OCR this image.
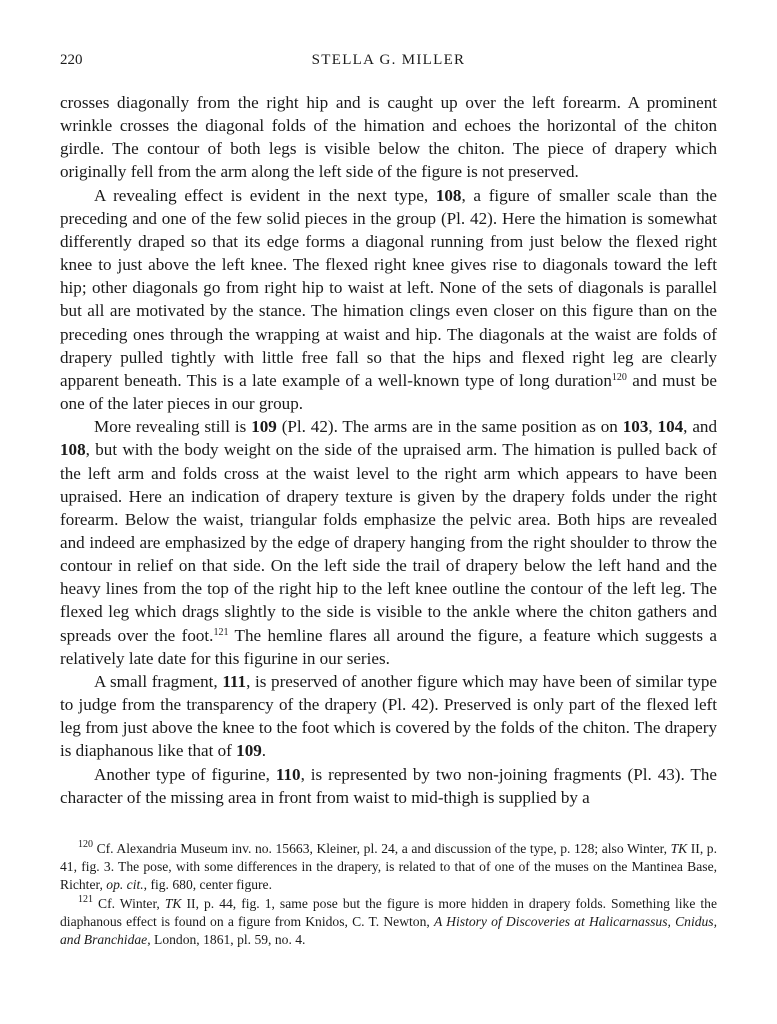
220	STELLA G. MILLER

crosses diagonally from the right hip and is caught up over the left forearm. A prominent wrinkle crosses the diagonal folds of the himation and echoes the horizontal of the chiton girdle. The contour of both legs is visible below the chiton. The piece of drapery which originally fell from the arm along the left side of the figure is not preserved.

A revealing effect is evident in the next type, 108, a figure of smaller scale than the preceding and one of the few solid pieces in the group (Pl. 42). Here the himation is somewhat differently draped so that its edge forms a diagonal running from just below the flexed right knee to just above the left knee. The flexed right knee gives rise to diagonals toward the left hip; other diagonals go from right hip to waist at left. None of the sets of diagonals is parallel but all are motivated by the stance. The himation clings even closer on this figure than on the preceding ones through the wrapping at waist and hip. The diagonals at the waist are folds of drapery pulled tightly with little free fall so that the hips and flexed right leg are clearly apparent beneath. This is a late example of a well-known type of long duration$^{120}$ and must be one of the later pieces in our group.

More revealing still is 109 (Pl. 42). The arms are in the same position as on 103, 104, and 108, but with the body weight on the side of the upraised arm. The himation is pulled back of the left arm and folds cross at the waist level to the right arm which appears to have been upraised. Here an indication of drapery texture is given by the drapery folds under the right forearm. Below the waist, triangular folds emphasize the pelvic area. Both hips are revealed and indeed are emphasized by the edge of drapery hanging from the right shoulder to throw the contour in relief on that side. On the left side the trail of drapery below the left hand and the heavy lines from the top of the right hip to the left knee outline the contour of the left leg. The flexed leg which drags slightly to the side is visible to the ankle where the chiton gathers and spreads over the foot.$^{121}$ The hemline flares all around the figure, a feature which suggests a relatively late date for this figurine in our series.

A small fragment, 111, is preserved of another figure which may have been of similar type to judge from the transparency of the drapery (Pl. 42). Preserved is only part of the flexed left leg from just above the knee to the foot which is covered by the folds of the chiton. The drapery is diaphanous like that of 109.

Another type of figurine, 110, is represented by two non-joining fragments (Pl. 43). The character of the missing area in front from waist to mid-thigh is supplied by a

$^{120}$ Cf. Alexandria Museum inv. no. 15663, Kleiner, pl. 24, a and discussion of the type, p. 128; also Winter, TK II, p. 41, fig. 3. The pose, with some differences in the drapery, is related to that of one of the muses on the Mantinea Base, Richter, op. cit., fig. 680, center figure.

$^{121}$ Cf. Winter, TK II, p. 44, fig. 1, same pose but the figure is more hidden in drapery folds. Something like the diaphanous effect is found on a figure from Knidos, C. T. Newton, A History of Discoveries at Halicarnassus, Cnidus, and Branchidae, London, 1861, pl. 59, no. 4.
